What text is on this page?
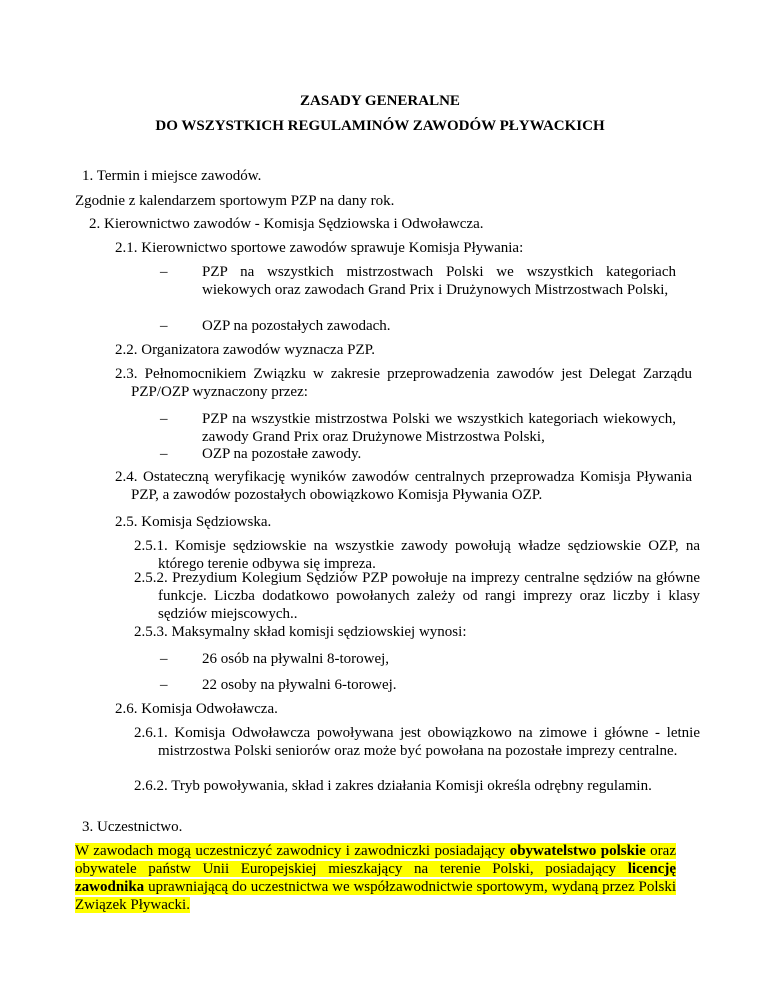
ZASADY GENERALNE
DO WSZYSTKICH REGULAMINÓW ZAWODÓW PŁYWACKICH
1. Termin i miejsce zawodów.
Zgodnie z kalendarzem sportowym PZP na dany rok.
2. Kierownictwo zawodów - Komisja Sędziowska i Odwoławcza.
2.1. Kierownictwo sportowe zawodów sprawuje Komisja Pływania:
– PZP na wszystkich mistrzostwach Polski we wszystkich kategoriach wiekowych oraz zawodach Grand Prix i Drużynowych Mistrzostwach Polski,
– OZP na pozostałych zawodach.
2.2. Organizatora zawodów wyznacza PZP.
2.3. Pełnomocnikiem Związku w zakresie przeprowadzenia zawodów jest Delegat Zarządu PZP/OZP wyznaczony przez:
– PZP na wszystkie mistrzostwa Polski we wszystkich kategoriach wiekowych, zawody Grand Prix oraz Drużynowe Mistrzostwa Polski,
– OZP na pozostałe zawody.
2.4. Ostateczną weryfikację wyników zawodów centralnych przeprowadza Komisja Pływania PZP, a zawodów pozostałych obowiązkowo Komisja Pływania OZP.
2.5. Komisja Sędziowska.
2.5.1. Komisje sędziowskie na wszystkie zawody powołują władze sędziowskie OZP, na którego terenie odbywa się impreza.
2.5.2. Prezydium Kolegium Sędziów PZP powołuje na imprezy centralne sędziów na główne funkcje. Liczba dodatkowo powołanych zależy od rangi imprezy oraz liczby i klasy sędziów miejscowych..
2.5.3. Maksymalny skład komisji sędziowskiej wynosi:
– 26 osób na pływalni 8-torowej,
– 22 osoby na pływalni 6-torowej.
2.6. Komisja Odwoławcza.
2.6.1. Komisja Odwoławcza powoływana jest obowiązkowo na zimowe i główne - letnie mistrzostwa Polski seniorów oraz może być powołana na pozostałe imprezy centralne.
2.6.2. Tryb powoływania, skład i zakres działania Komisji określa odrębny regulamin.
3. Uczestnictwo.
W zawodach mogą uczestniczyć zawodnicy i zawodniczki posiadający obywatelstwo polskie oraz obywatele państw Unii Europejskiej mieszkający na terenie Polski, posiadający licencję zawodnika uprawniającą do uczestnictwa we współzawodnictwie sportowym, wydaną przez Polski Związek Pływacki.
